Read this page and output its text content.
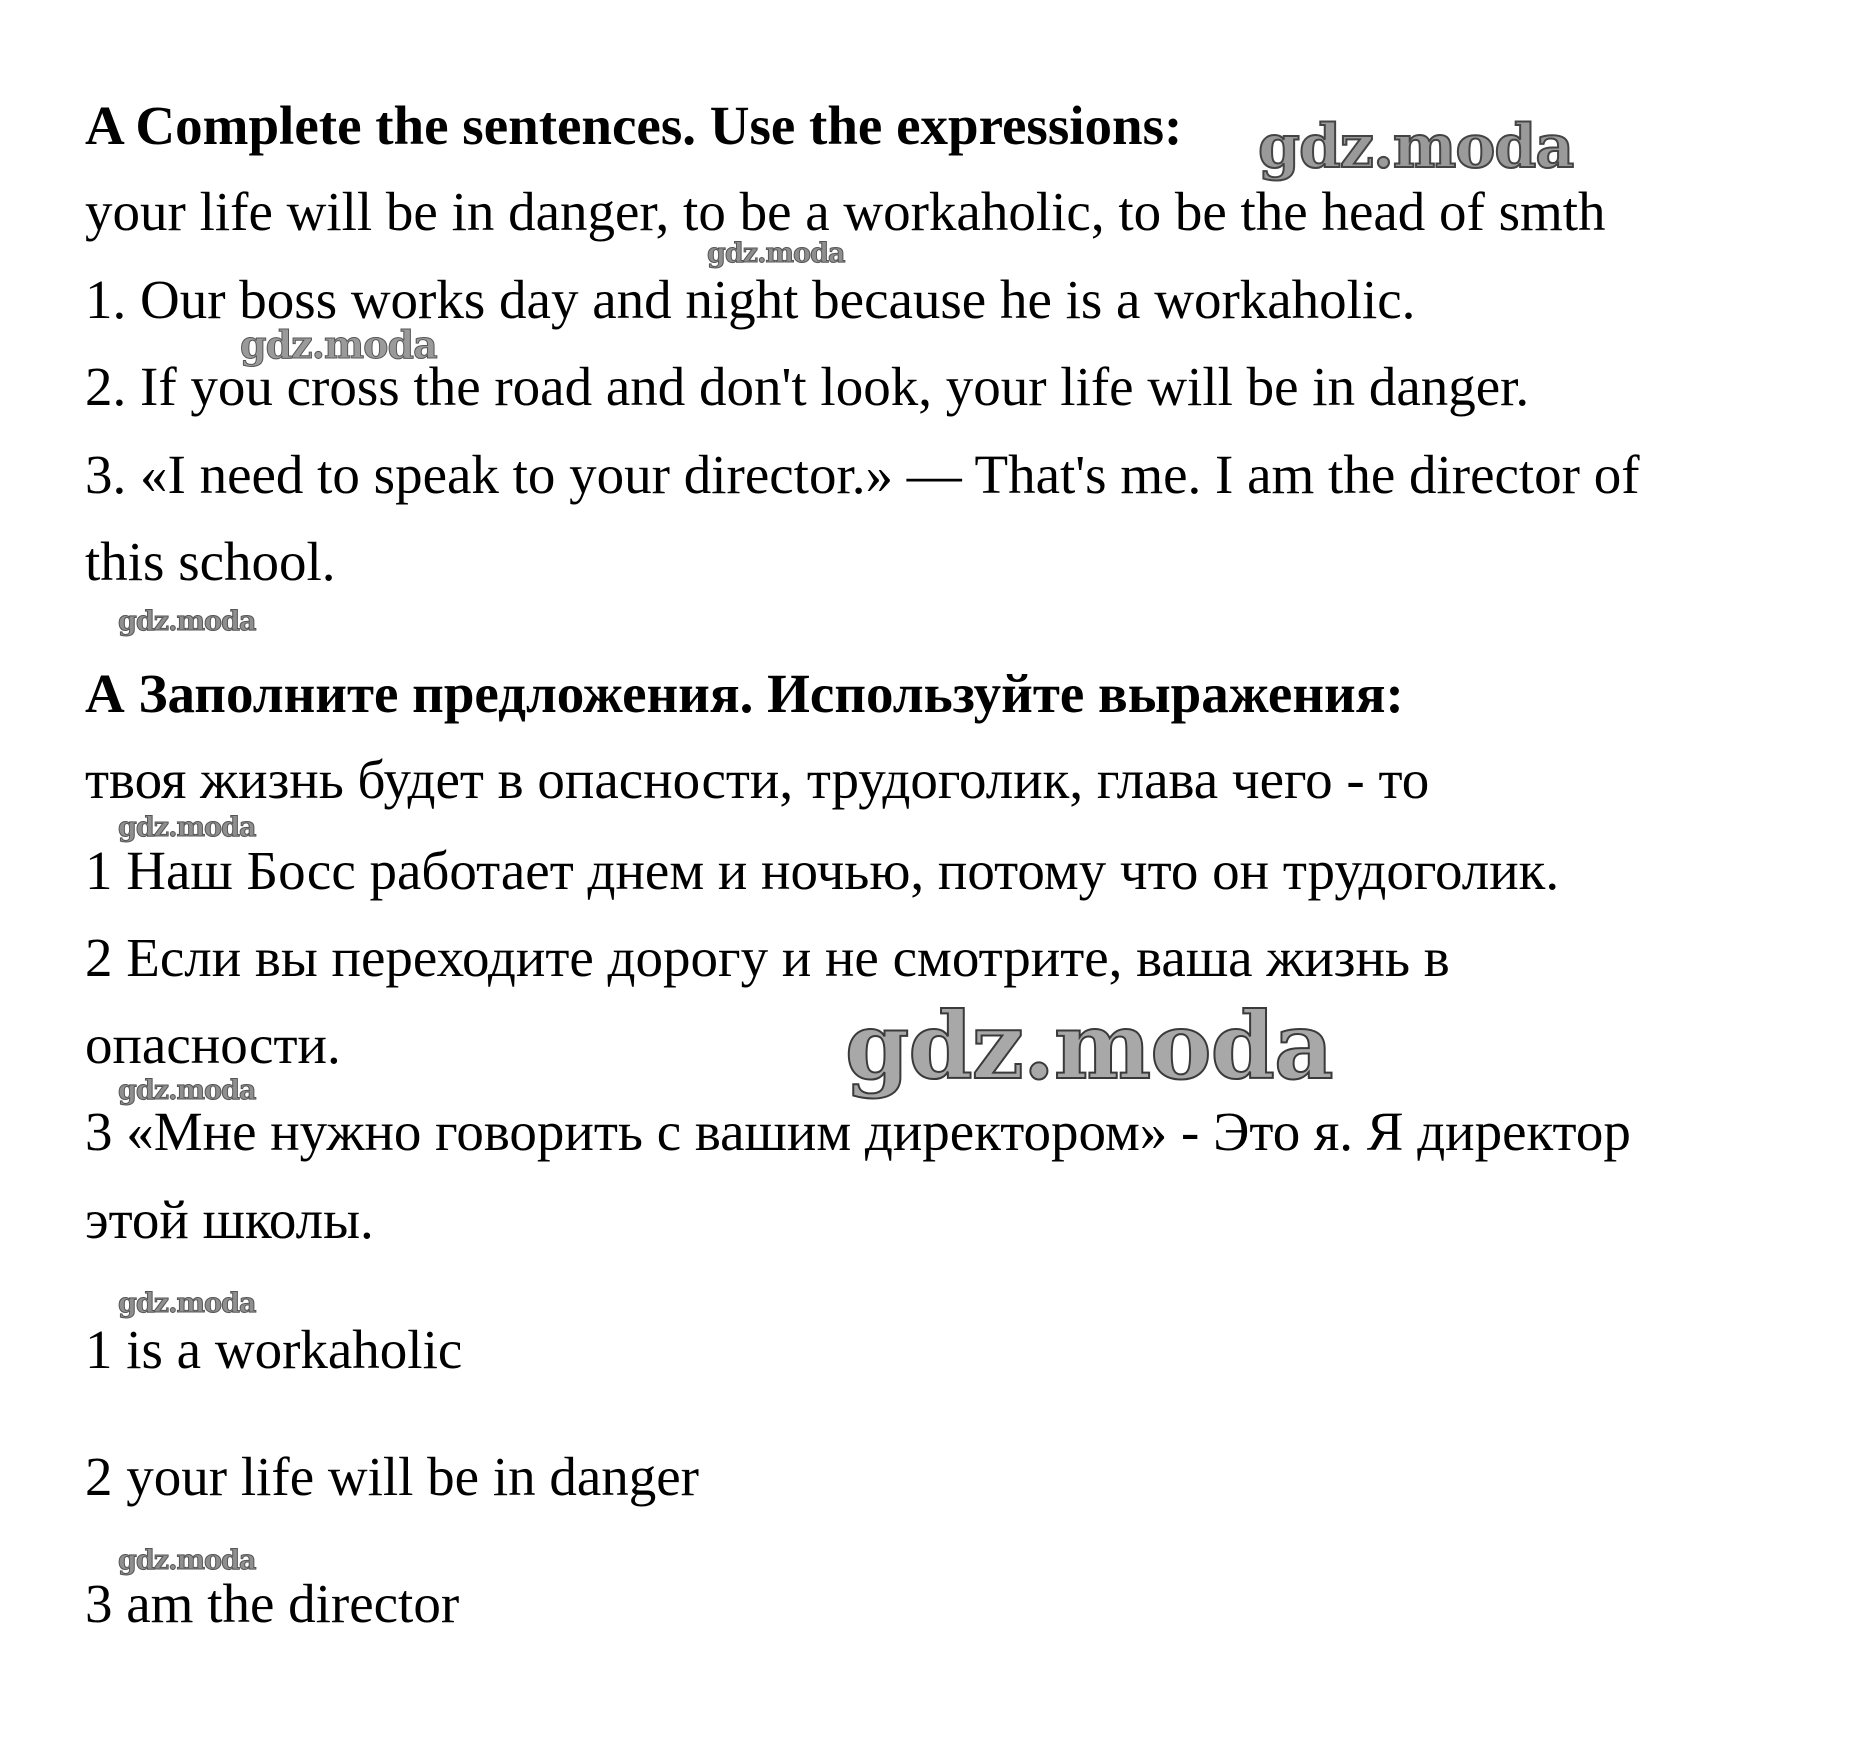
A Complete the sentences. Use the expressions:
your life will be in danger, to be a workaholic, to be the head of smth
1. Our boss works day and night because he is a workaholic.
2. If you cross the road and don't look, your life will be in danger.
3. «I need to speak to your director.» — That's me. I am the director of
this school.
А Заполните предложения. Используйте выражения:
твоя жизнь будет в опасности, трудоголик, глава чего - то
1 Наш Босс работает днем и ночью, потому что он трудоголик.
2 Если вы переходите дорогу и не смотрите, ваша жизнь в
опасности.
3 «Мне нужно говорить с вашим директором» - Это я. Я директор
этой школы.
1 is a workaholic
2 your life will be in danger
3 am the director
gdz.moda
gdz.moda
gdz.moda
gdz.moda
gdz.moda
gdz.moda
gdz.moda
gdz.moda
gdz.moda
